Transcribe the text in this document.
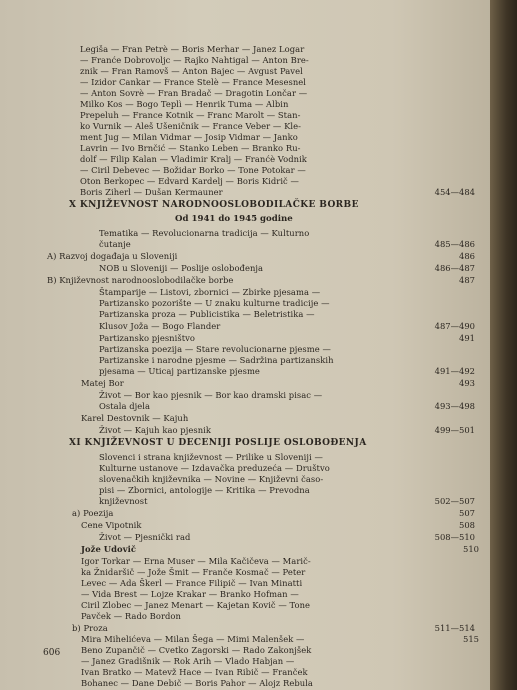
Legiša — Fran Petrè — Boris Merhar — Janez Logar
— Franće Dobrovoljc — Rajko Nahtigal — Anton Bre-
znik — Fran Ramovš — Anton Bajec — Avgust Pavel
— Izidor Cankar — France Stelè — France Mesesnel
— Anton Sovrè — Fran Bradač — Dragotin Lončar —
Milko Kos — Bogo Teplì — Henrik Tuma — Albin
Prepeluh — France Kotnik — Franc Marolt — Stan-
ko Vurnik — Aleš Ušeničnik — France Veber — Kle-
ment Jug — Milan Vidmar — Josip Vidmar — Janko
Lavrin — Ivo Brnčić — Stanko Leben — Branko Ru-
dolf — Filip Kalan — Vladimir Kralj — Franćè Vodnik
— Ciril Debevec — Božidar Borko — Tone Potokar —
Oton Berkopec — Edvard Kardelj — Boris Kidrič —
Boris Ziherl — Dušan Kermauner	454—484
X KNJIŽEVNOST NARODNOOSLOBODILAČKE BORBE
Od 1941 do 1945 godine
Tematika — Revolucionarna tradicija — Kulturno
čutanje	485—486
A) Razvoj događaja u Sloveniji	486
NOB u Sloveniji — Poslije oslobođenja	486—487
B) Književnost narodnooslobodilačke borbe	487
Štamparije — Listovi, zbornici — Zbirke pjesama —
Partizansko pozorište — U znaku kulturne tradicije —
Partizanska proza — Publicistika — Beletristika —
Klusov Joža — Bogo Flander	487—490
Partizansko pjesništvo	491
Partizanska poezija — Stare revolucionarne pjesme —
Partizanske i narodne pjesme — Sadržina partizanskih
pjesama — Uticaj partizanske pjesme	491—492
Matej Bor	493
Život — Bor kao pjesnik — Bor kao dramski pisac —
Ostala djela	493—498
Karel Destovnik — Kajuh
Život — Kajuh kao pjesnik	499—501
XI KNJIŽEVNOST U DECENIJI POSLIJE OSLOBOĐENJA
Slovenci i strana književnost — Prilike u Sloveniji —
Kulturne ustanove — Izdavačka preduzeća — Društvo
slovenačkih književnika — Novine — Književni časo-
pisi — Zbornici, antologije — Kritika — Prevodna
književnost	502—507
a) Poezija	507
Cene Vipotnik	508
Život — Pjesnički rad	508—510
Jože Udovič	510
Igor Torkar — Erna Muser — Mila Kačičeva — Marič-
ka Žnidaršič — Jože Šmit — Franče Kosmač — Peter
Levec — Ada Škerl — France Filipič — Ivan Minatti
— Vida Brest — Lojze Krakar — Branko Hofman —
Ciril Zlobec — Janez Menart — Kajetan Kovič — Tone
Pavček — Rado Bordon
b) Proza	511—514
Mira Mihelićeva — Milan Šega — Mimi Malenšek —	515
Beno Zupančič — Cvetko Zagorski — Rado Zakonjšek
— Janez Gradišnik — Rok Arih — Vlado Habjan —
Ivan Bratko — Matevž Hace — Ivan Ribič — Franček
Bohanec — Dane Debič — Boris Pahor — Alojz Rebula
606
